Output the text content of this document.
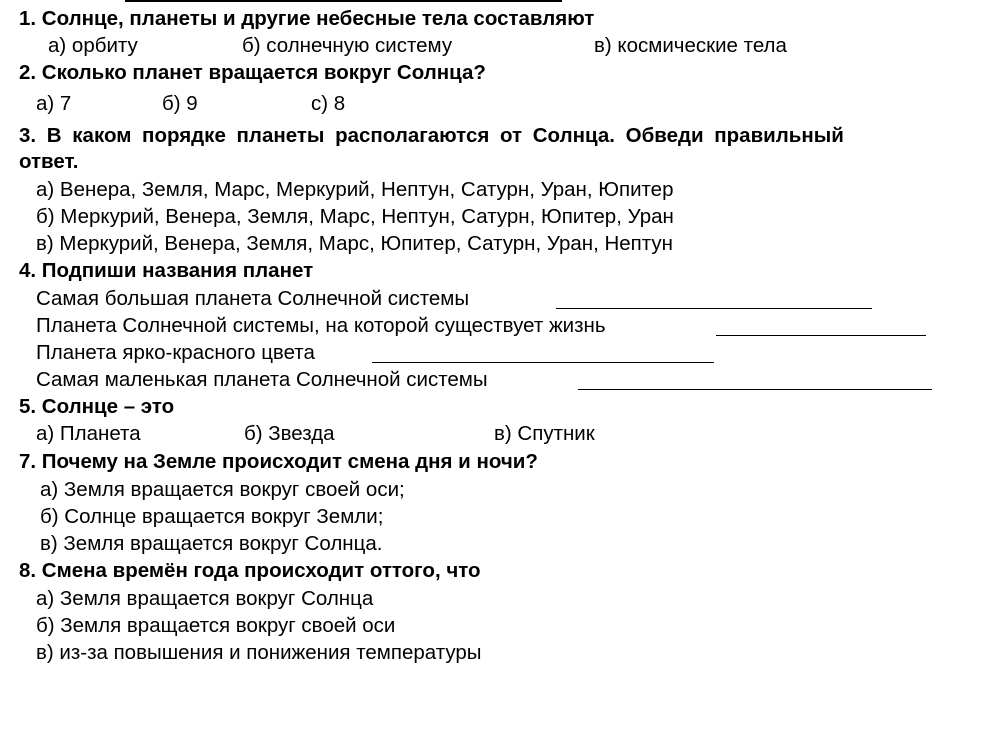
1. Солнце, планеты и другие небесные тела составляют
а) орбиту	б) солнечную систему	в) космические тела
2. Сколько планет вращается вокруг Солнца?
а) 7	б) 9	с) 8
3. В каком порядке планеты располагаются от Солнца. Обведи правильный
ответ.
а) Венера, Земля, Марс, Меркурий, Нептун, Сатурн, Уран, Юпитер
б) Меркурий, Венера, Земля, Марс, Нептун, Сатурн, Юпитер, Уран
в) Меркурий, Венера, Земля, Марс, Юпитер, Сатурн, Уран, Нептун
4. Подпиши названия планет
Самая большая планета Солнечной системы
Планета Солнечной системы, на которой существует жизнь
Планета ярко-красного цвета
Самая маленькая планета Солнечной системы
5. Солнце – это
а) Планета	б) Звезда	в) Спутник
7. Почему на Земле происходит смена дня и ночи?
а) Земля вращается вокруг своей оси;
б) Солнце вращается вокруг Земли;
в) Земля вращается вокруг Солнца.
8. Смена времён года происходит оттого, что
а) Земля вращается вокруг Солнца
б) Земля вращается вокруг своей оси
в) из-за повышения и понижения температуры
